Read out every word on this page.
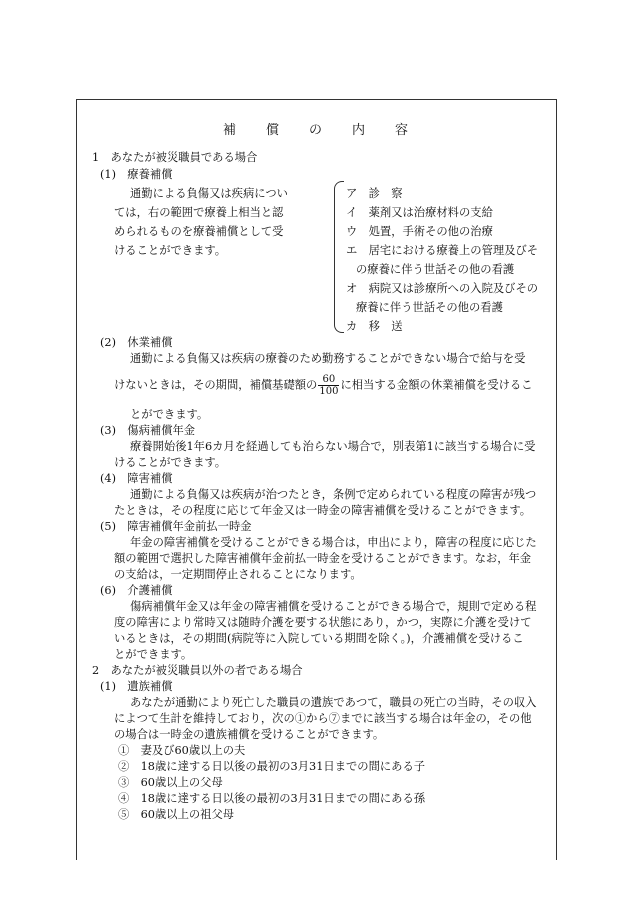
補 償 の 内 容
1　あなたが被災職員である場合
(1)　療養補償
通勤による負傷又は疾病につい
ては，右の範囲で療養上相当と認
められるものを療養補償として受
けることができます。
ア　診　察
イ　薬剤又は治療材料の支給
ウ　処置，手術その他の治療
エ　居宅における療養上の管理及びそ
の療養に伴う世話その他の看護
オ　病院又は診療所への入院及びその
療養に伴う世話その他の看護
カ　移　送
(2)　休業補償
通勤による負傷又は疾病の療養のため勤務することができない場合で給与を受
とができます。
(3)　傷病補償年金
療養開始後1年6カ月を経過しても治らない場合で，別表第1に該当する場合に受
けることができます。
(4)　障害補償
通勤による負傷又は疾病が治つたとき，条例で定められている程度の障害が残つ
たときは，その程度に応じて年金又は一時金の障害補償を受けることができます。
(5)　障害補償年金前払一時金
年金の障害補償を受けることができる場合は，申出により，障害の程度に応じた
額の範囲で選択した障害補償年金前払一時金を受けることができます。なお，年金
の支給は，一定期間停止されることになります。
(6)　介護補償
傷病補償年金又は年金の障害補償を受けることができる場合で，規則で定める程
度の障害により常時又は随時介護を要する状態にあり，かつ，実際に介護を受けて
いるときは，その期間(病院等に入院している期間を除く。)，介護補償を受けるこ
とができます。
2　あなたが被災職員以外の者である場合
(1)　遺族補償
あなたが通勤により死亡した職員の遺族であつて，職員の死亡の当時，その収入
によつて生計を維持しており，次の①から⑦までに該当する場合は年金の，その他
の場合は一時金の遺族補償を受けることができます。
①　妻及び60歳以上の夫
②　18歳に達する日以後の最初の3月31日までの間にある子
③　60歳以上の父母
④　18歳に達する日以後の最初の3月31日までの間にある孫
⑤　60歳以上の祖父母
けないときは，その期間，補償基礎額の $\frac{60}{100}$ に相当する金額の休業補償を受けるこ
